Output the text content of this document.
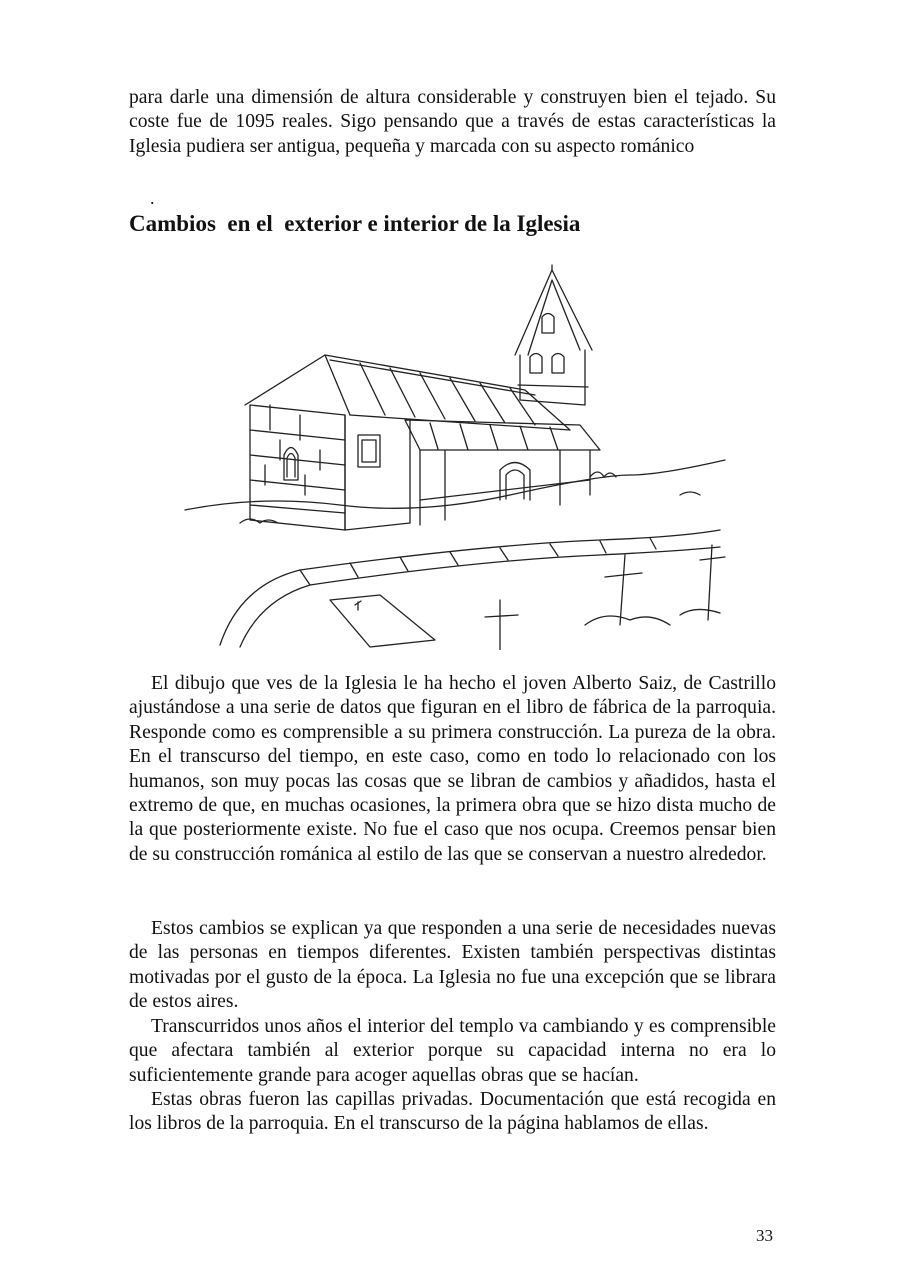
para darle una dimensión de altura considerable y construyen bien el tejado. Su coste fue de 1095 reales. Sigo pensando que a través de estas características la Iglesia pudiera ser antigua, pequeña y marcada con su aspecto románico

.
Cambios  en el  exterior e interior de la Iglesia

El dibujo que ves de la Iglesia le ha hecho el joven Alberto Saiz, de Castrillo ajustándose a una serie de datos que figuran en el libro de fábrica de la parroquia. Responde como es comprensible a su primera construcción. La pureza de la obra. En el transcurso del tiempo, en este caso, como en todo lo relacionado con los humanos, son muy pocas las cosas que se libran de cambios y añadidos, hasta el extremo de que, en muchas ocasiones, la primera obra que se hizo dista mucho de la que posteriormente existe. No fue el caso que nos ocupa. Creemos pensar bien de su construcción románica al estilo de las que se conservan a nuestro alrededor.

Estos cambios se explican ya que responden a una serie de necesidades nuevas de las personas en tiempos diferentes. Existen también perspectivas distintas motivadas por el gusto de la época. La Iglesia no fue una excepción que se librara de estos aires.

Transcurridos unos años el interior del templo va cambiando y es comprensible que afectara también al exterior porque su capacidad interna no era lo suficientemente grande para acoger aquellas obras que se hacían.

Estas obras fueron las capillas privadas. Documentación que está recogida en los libros de la parroquia. En el transcurso de la página hablamos de ellas.

33
